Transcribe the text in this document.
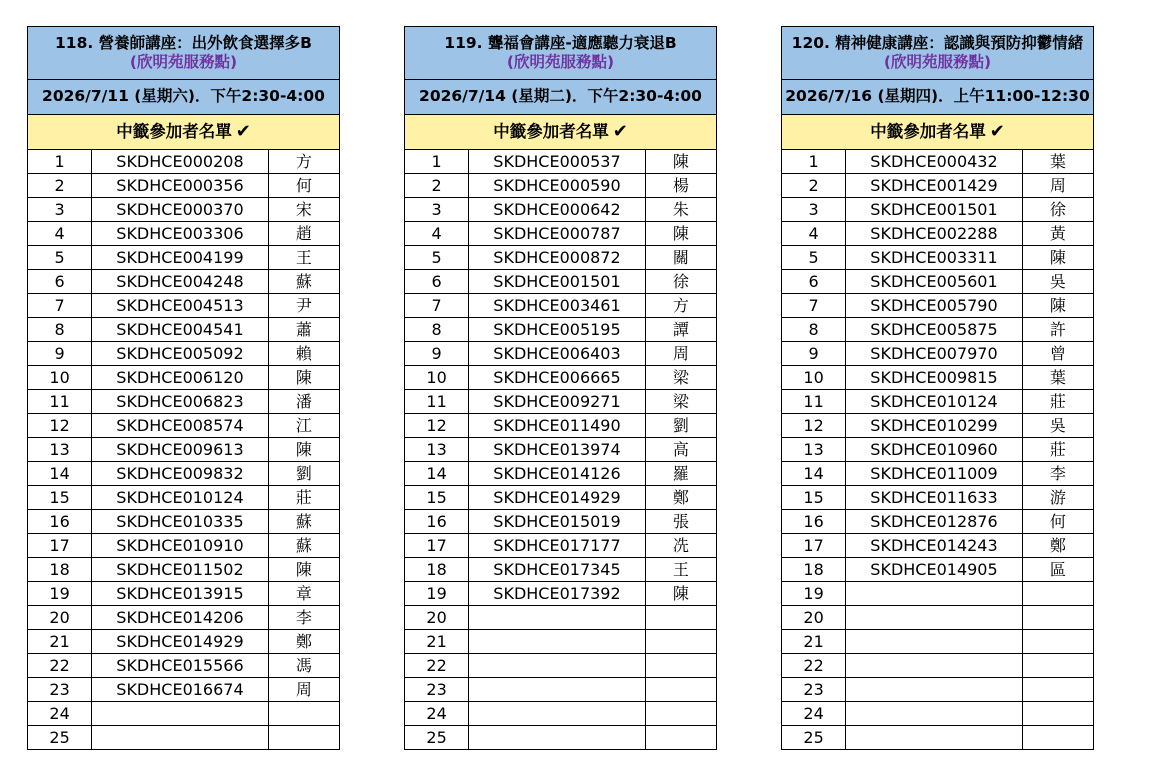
118. 營養師講座：出外飲食選擇多B
(欣明苑服務點)		

2026/7/11 (星期六)．下午2:30-4:00		
中籤參加者名單 ✔		
1	SKDHCE000208	方
2	SKDHCE000356	何
3	SKDHCE000370	宋
4	SKDHCE003306	趙
5	SKDHCE004199	王
6	SKDHCE004248	蘇
7	SKDHCE004513	尹
8	SKDHCE004541	蕭
9	SKDHCE005092	賴
10	SKDHCE006120	陳
11	SKDHCE006823	潘
12	SKDHCE008574	江
13	SKDHCE009613	陳
14	SKDHCE009832	劉
15	SKDHCE010124	莊
16	SKDHCE010335	蘇
17	SKDHCE010910	蘇
18	SKDHCE011502	陳
19	SKDHCE013915	章
20	SKDHCE014206	李
21	SKDHCE014929	鄭
22	SKDHCE015566	馮
23	SKDHCE016674	周
24		
25		
119. 聾福會講座-適應聽力衰退B
(欣明苑服務點)		

2026/7/14 (星期二)．下午2:30-4:00		
中籤參加者名單 ✔		
1	SKDHCE000537	陳
2	SKDHCE000590	楊
3	SKDHCE000642	朱
4	SKDHCE000787	陳
5	SKDHCE000872	關
6	SKDHCE001501	徐
7	SKDHCE003461	方
8	SKDHCE005195	譚
9	SKDHCE006403	周
10	SKDHCE006665	梁
11	SKDHCE009271	梁
12	SKDHCE011490	劉
13	SKDHCE013974	高
14	SKDHCE014126	羅
15	SKDHCE014929	鄭
16	SKDHCE015019	張
17	SKDHCE017177	冼
18	SKDHCE017345	王
19	SKDHCE017392	陳
20		
21		
22		
23		
24		
25		
120. 精神健康講座：認識與預防抑鬱情緒
(欣明苑服務點)		

2026/7/16 (星期四)．上午11:00-12:30		
中籤參加者名單 ✔		
1	SKDHCE000432	葉
2	SKDHCE001429	周
3	SKDHCE001501	徐
4	SKDHCE002288	黃
5	SKDHCE003311	陳
6	SKDHCE005601	吳
7	SKDHCE005790	陳
8	SKDHCE005875	許
9	SKDHCE007970	曾
10	SKDHCE009815	葉
11	SKDHCE010124	莊
12	SKDHCE010299	吳
13	SKDHCE010960	莊
14	SKDHCE011009	李
15	SKDHCE011633	游
16	SKDHCE012876	何
17	SKDHCE014243	鄭
18	SKDHCE014905	區
19		
20		
21		
22		
23		
24		
25		
